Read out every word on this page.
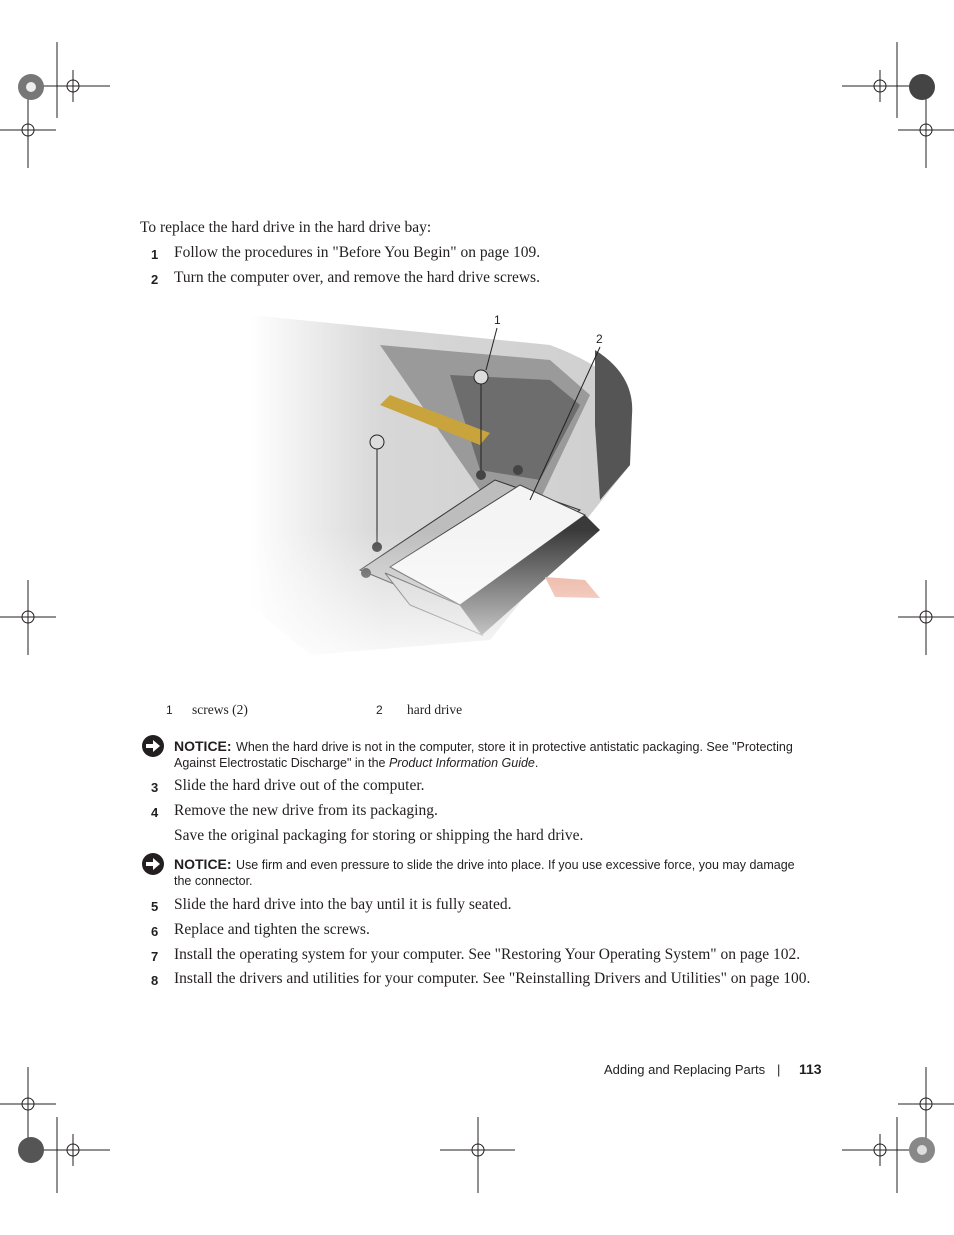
To replace the hard drive in the hard drive bay:
1 Follow the procedures in "Before You Begin" on page 109.
2 Turn the computer over, and remove the hard drive screws.
1
2
1 screws (2)	2 hard drive
NOTICE: When the hard drive is not in the computer, store it in protective antistatic packaging. See "Protecting
Against Electrostatic Discharge" in the Product Information Guide.
3 Slide the hard drive out of the computer.
4 Remove the new drive from its packaging.
Save the original packaging for storing or shipping the hard drive.
NOTICE: Use firm and even pressure to slide the drive into place. If you use excessive force, you may damage
the connector.
5 Slide the hard drive into the bay until it is fully seated.
6 Replace and tighten the screws.
7 Install the operating system for your computer. See "Restoring Your Operating System" on page 102.
8 Install the drivers and utilities for your computer. See "Reinstalling Drivers and Utilities" on page 100.
Adding and Replacing Parts | 113
